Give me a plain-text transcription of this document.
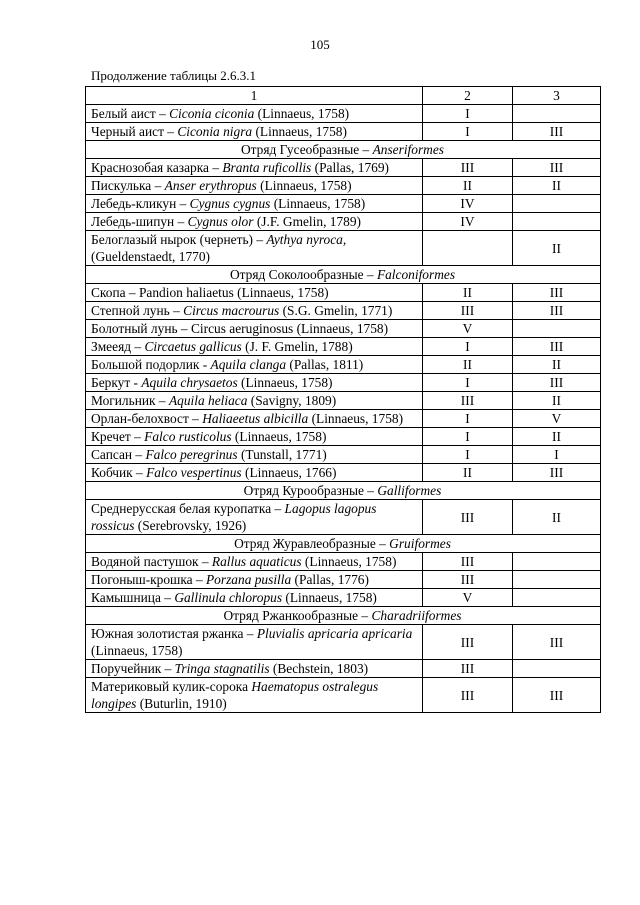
105
Продолжение таблицы 2.6.3.1
1	2	3
Белый аист – Ciconia ciconia (Linnaeus, 1758)	I	
Черный аист – Ciconia nigra (Linnaeus, 1758)	I	III
Отряд Гусеобразные – Anseriformes		
Краснозобая казарка – Branta ruficollis (Pallas, 1769)	III	III
Пискулька – Anser erythropus (Linnaeus, 1758)	II	II
Лебедь-кликун – Cygnus cygnus (Linnaeus, 1758)	IV	
Лебедь-шипун – Cygnus olor (J.F. Gmelin, 1789)	IV	
Белоглазый нырок (чернеть) – Aythya nyroca, (Gueldenstaedt, 1770)		II
Отряд Соколообразные – Falconiformes		
Скопа – Pandion haliaetus (Linnaeus, 1758)	II	III
Степной лунь – Circus macrourus (S.G. Gmelin, 1771)	III	III
Болотный лунь – Circus aeruginosus (Linnaeus, 1758)	V	
Змееяд – Circaetus gallicus (J. F. Gmelin, 1788)	I	III
Большой подорлик - Aquila clanga (Pallas, 1811)	II	II
Беркут - Aquila chrysaetos (Linnaeus, 1758)	I	III
Могильник – Aquila heliaca (Savigny, 1809)	III	II
Орлан-белохвост – Haliaeetus albicilla (Linnaeus, 1758)	I	V
Кречет – Falco rusticolus (Linnaeus, 1758)	I	II
Сапсан – Falco peregrinus (Tunstall, 1771)	I	I
Кобчик – Falco vespertinus (Linnaeus, 1766)	II	III
Отряд Курообразные – Galliformes		
Среднерусская белая куропатка – Lagopus lagopus rossicus (Serebrovsky, 1926)	III	II
Отряд Журавлеобразные – Gruiformes		
Водяной пастушок – Rallus aquaticus (Linnaeus, 1758)	III	
Погоныш-крошка – Porzana pusilla (Pallas, 1776)	III	
Камышница – Gallinula chloropus (Linnaeus, 1758)	V	
Отряд Ржанкообразные – Charadriiformes		
Южная золотистая ржанка – Pluvialis apricaria apricaria (Linnaeus, 1758)	III	III
Поручейник – Tringa stagnatilis (Bechstein, 1803)	III	
Материковый кулик-сорока Haematopus ostralegus longipes (Buturlin, 1910)	III	III
